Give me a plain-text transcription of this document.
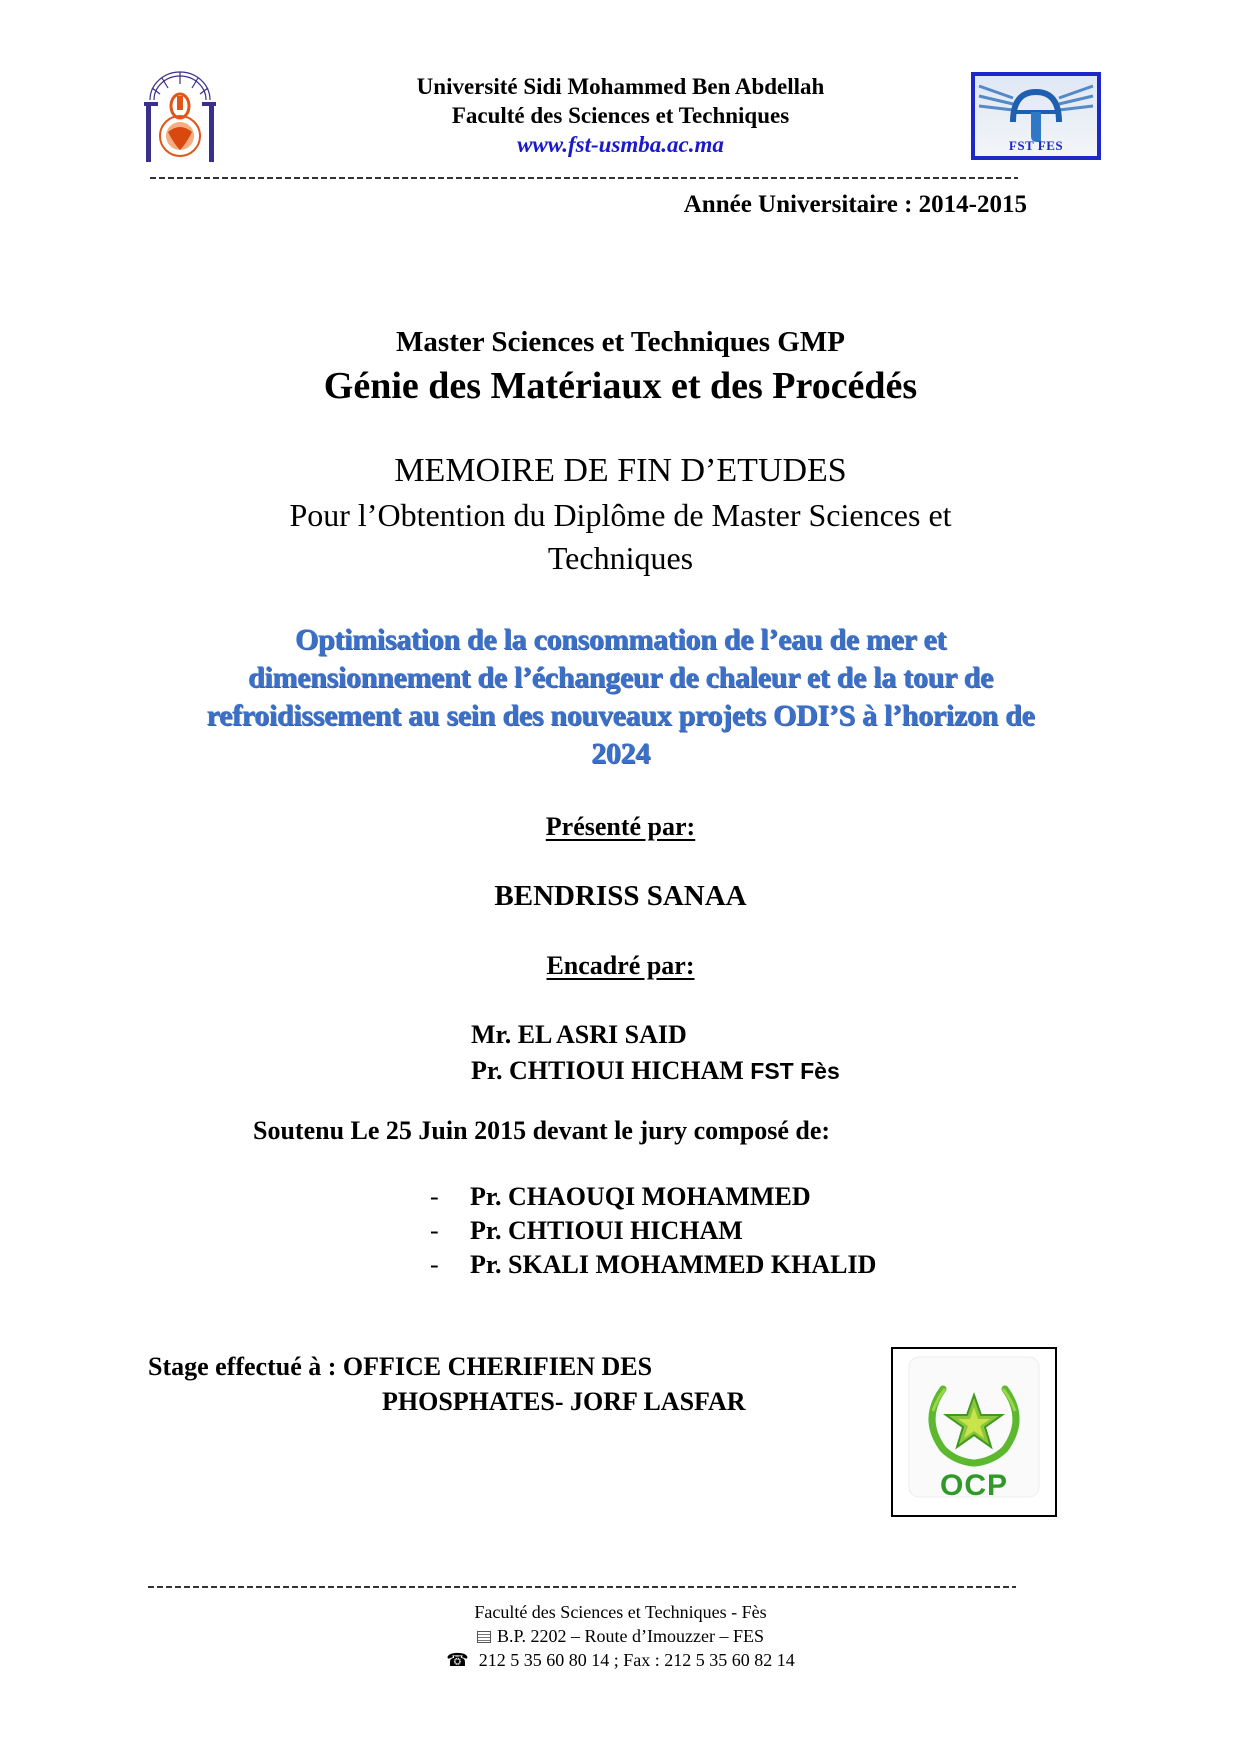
Université Sidi Mohammed Ben Abdellah
Faculté des Sciences et Techniques
www.fst-usmba.ac.ma	FST FES
Année Universitaire : 2014-2015
Master Sciences et Techniques GMP
Génie des Matériaux et des Procédés
MEMOIRE DE FIN D’ETUDES
Pour l’Obtention du Diplôme de Master Sciences et
Techniques
Optimisation de la consommation de l’eau de mer et
dimensionnement de l’échangeur de chaleur et de la tour de
refroidissement au sein des nouveaux projets ODI’S à l’horizon de
2024
Présenté par:
BENDRISS SANAA
Encadré par:
Mr. EL ASRI SAID
Pr. CHTIOUI HICHAM FST Fès
Soutenu Le 25 Juin 2015 devant le jury composé de:
-	Pr. CHAOUQI MOHAMMED
-	Pr. CHTIOUI HICHAM
-	Pr. SKALI MOHAMMED KHALID
Stage effectué à : OFFICE CHERIFIEN DES
PHOSPHATES- JORF LASFAR
OCP
Faculté des Sciences et Techniques - Fès
B.P. 2202 – Route d’Imouzzer – FES
☎ 212 5 35 60 80 14 ; Fax : 212 5 35 60 82 14
